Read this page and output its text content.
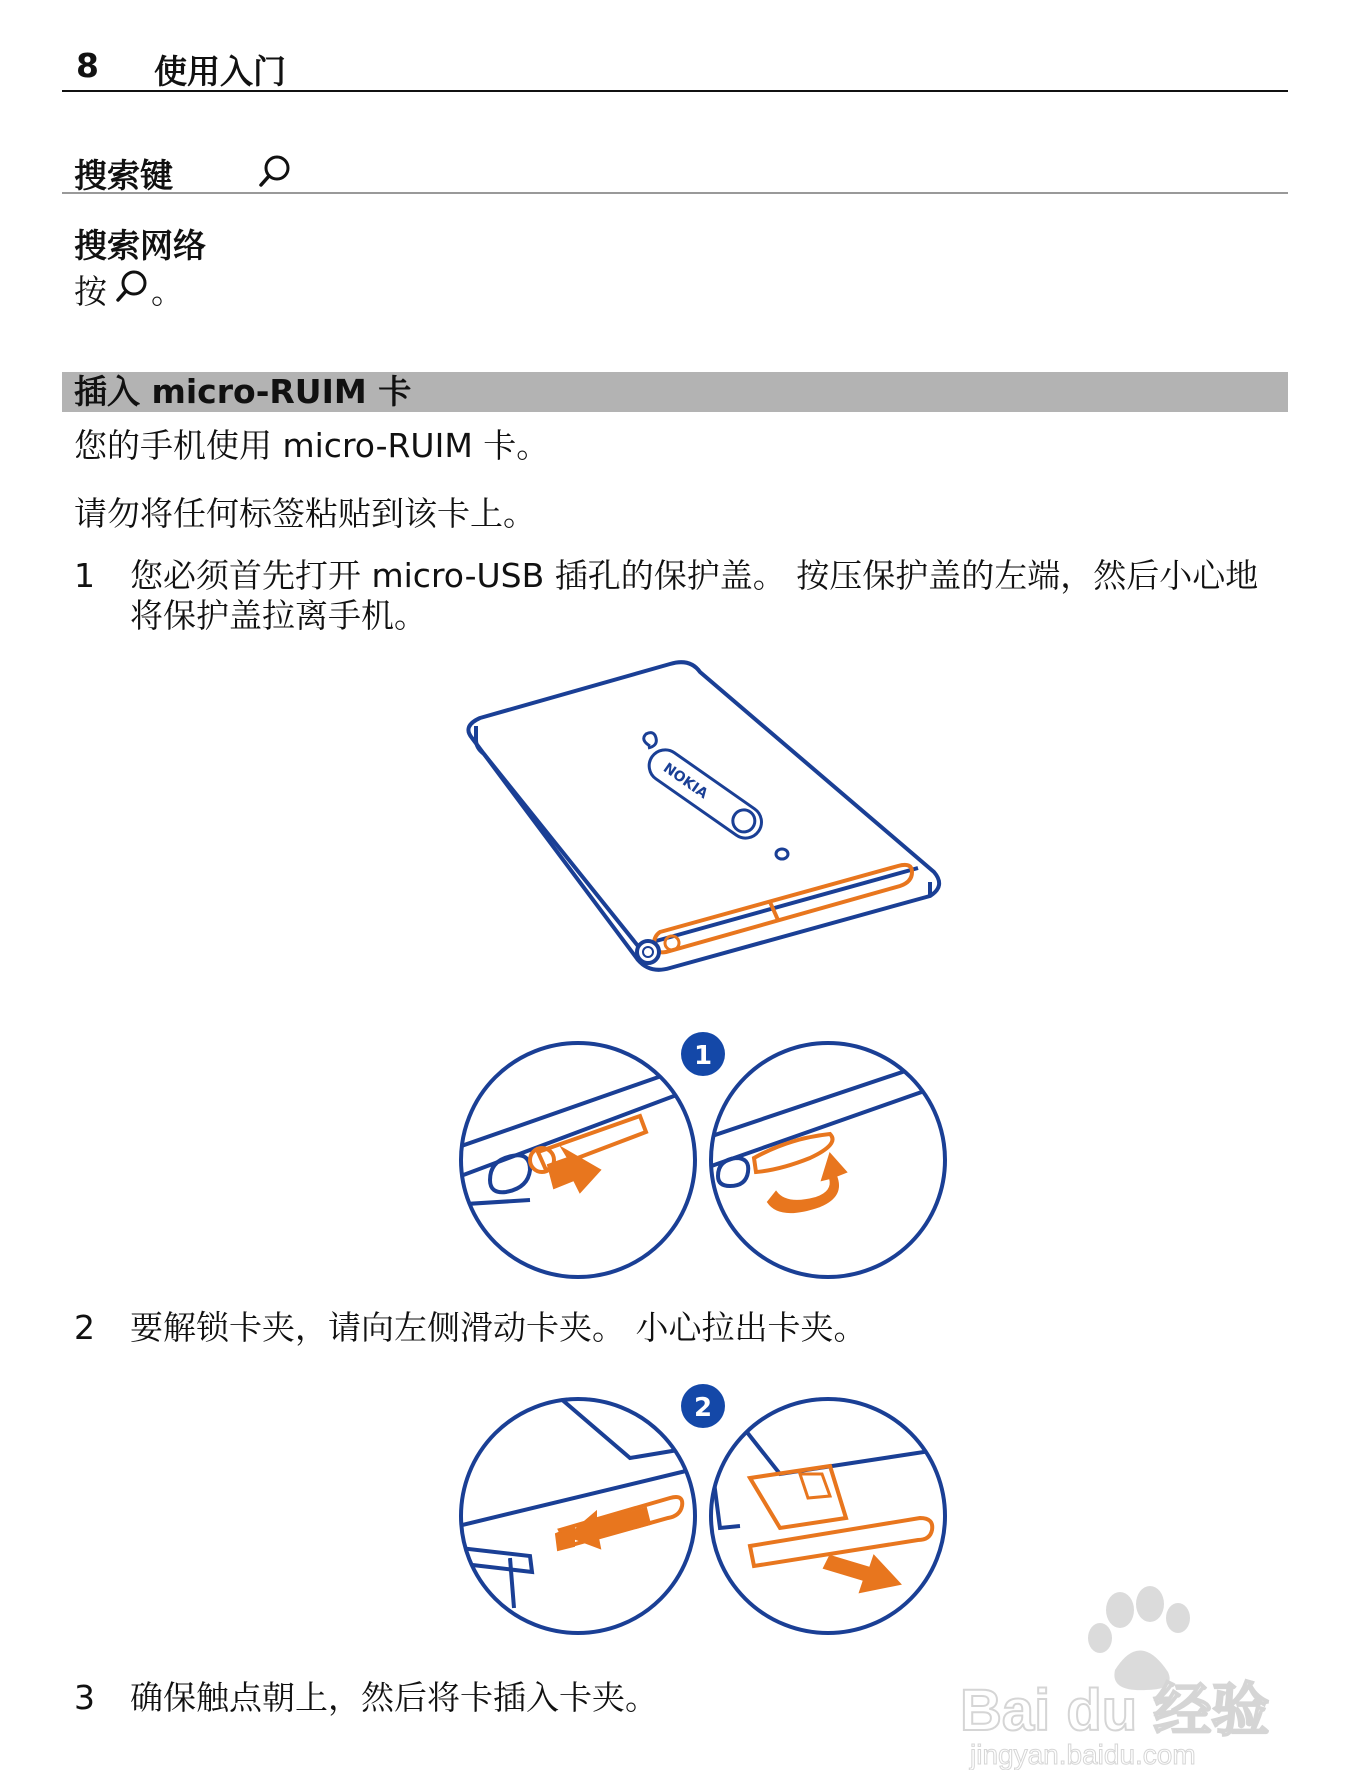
8 使用入门
搜索键
搜索网络
按 。
插入 micro-RUIM 卡
您的手机使用 micro-RUIM 卡。
请勿将任何标签粘贴到该卡上。
1 您必须首先打开 micro-USB 插孔的保护盖。 按压保护盖的左端，然后小心地将保护盖拉离手机。
NOKIA
1
2 要解锁卡夹，请向左侧滑动卡夹。 小心拉出卡夹。
2
3 确保触点朝上，然后将卡插入卡夹。	Bai du 经验
jingyan.baidu.com
